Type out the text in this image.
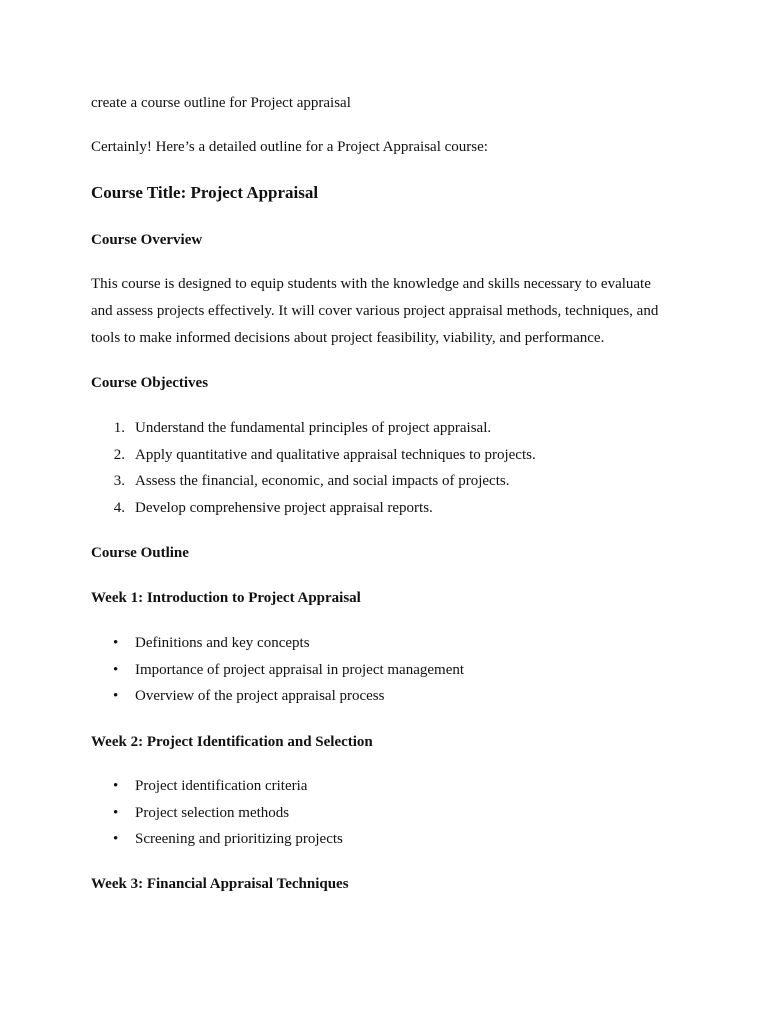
create a course outline for Project appraisal

Certainly! Here’s a detailed outline for a Project Appraisal course:

Course Title: Project Appraisal
Course Overview
This course is designed to equip students with the knowledge and skills necessary to evaluate
and assess projects effectively. It will cover various project appraisal methods, techniques, and
tools to make informed decisions about project feasibility, viability, and performance.
Course Objectives
1. Understand the fundamental principles of project appraisal.
2. Apply quantitative and qualitative appraisal techniques to projects.
3. Assess the financial, economic, and social impacts of projects.
4. Develop comprehensive project appraisal reports.
Course Outline
Week 1: Introduction to Project Appraisal
• Definitions and key concepts
• Importance of project appraisal in project management
• Overview of the project appraisal process
Week 2: Project Identification and Selection
• Project identification criteria
• Project selection methods
• Screening and prioritizing projects
Week 3: Financial Appraisal Techniques
